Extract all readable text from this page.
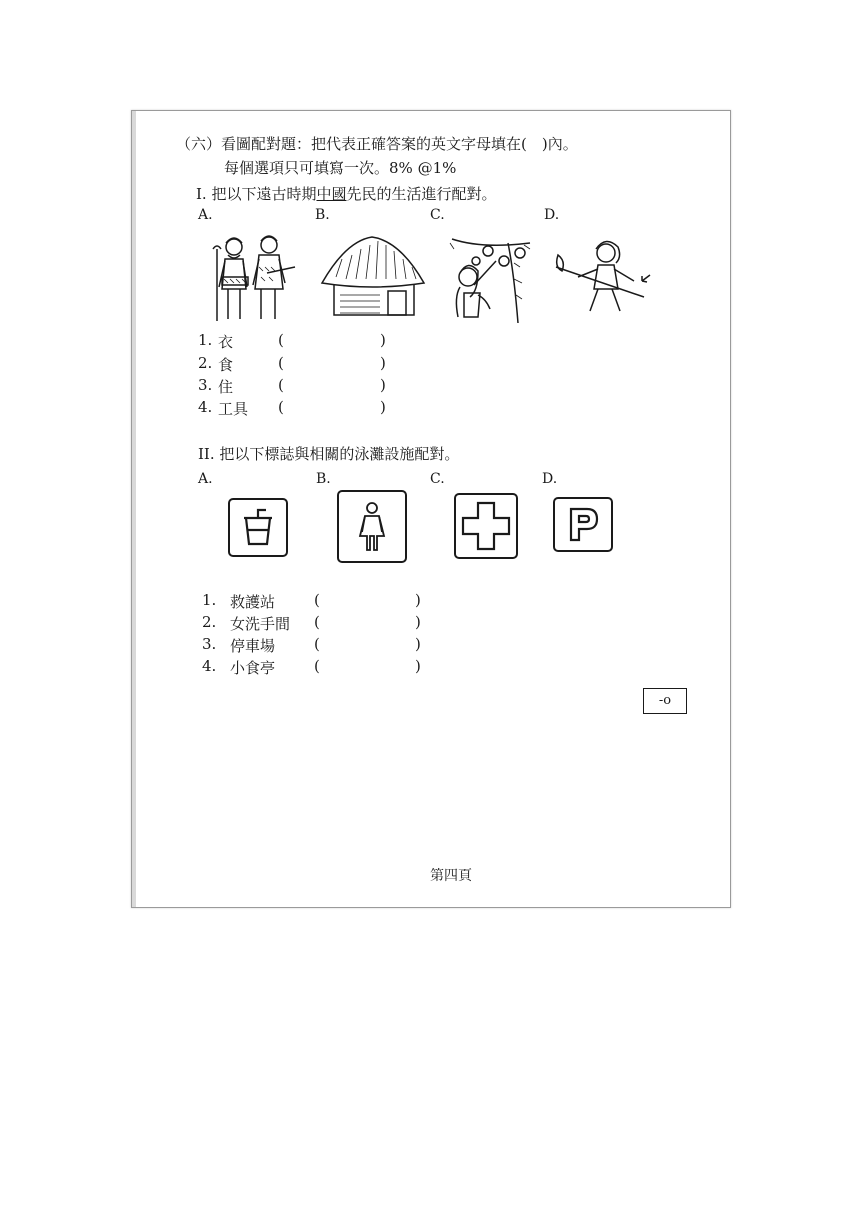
（六）看圖配對題：把代表正確答案的英文字母填在(　)內。
每個選項只可填寫一次。8% @1%
I. 把以下遠古時期中國先民的生活進行配對。
A.	B.	C.	D.
1. 衣	(	)
2. 食	(	)
3. 住	(	)
4. 工具 (	)
II. 把以下標誌與相關的泳灘設施配對。
A.	B.	C.	D.
1. 救護站	(	)
2. 女洗手間 (	)
3. 停車場	(	)
4. 小食亭	(	)
-o
第四頁
